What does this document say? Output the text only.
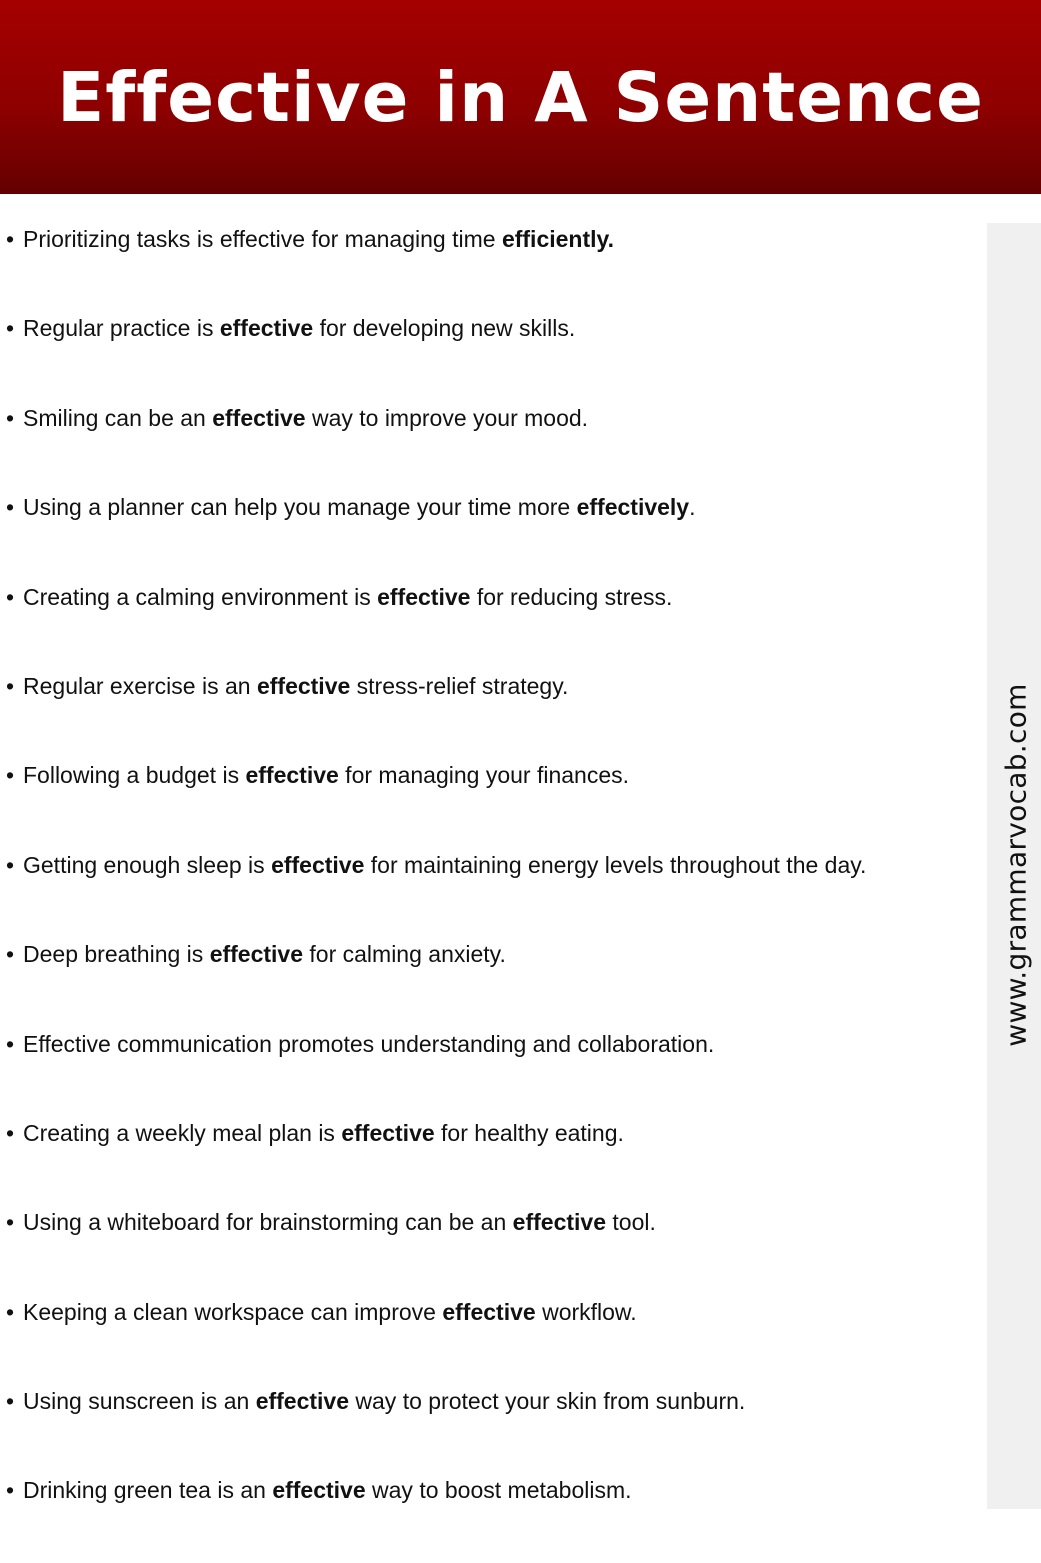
Effective in A Sentence
www.grammarvocab.com
• Prioritizing tasks is effective for managing time efficiently.
• Regular practice is effective for developing new skills.
• Smiling can be an effective way to improve your mood.
• Using a planner can help you manage your time more effectively.
• Creating a calming environment is effective for reducing stress.
• Regular exercise is an effective stress-relief strategy.
• Following a budget is effective for managing your finances.
• Getting enough sleep is effective for maintaining energy levels throughout the day.
• Deep breathing is effective for calming anxiety.
• Effective communication promotes understanding and collaboration.
• Creating a weekly meal plan is effective for healthy eating.
• Using a whiteboard for brainstorming can be an effective tool.
• Keeping a clean workspace can improve effective workflow.
• Using sunscreen is an effective way to protect your skin from sunburn.
• Drinking green tea is an effective way to boost metabolism.
